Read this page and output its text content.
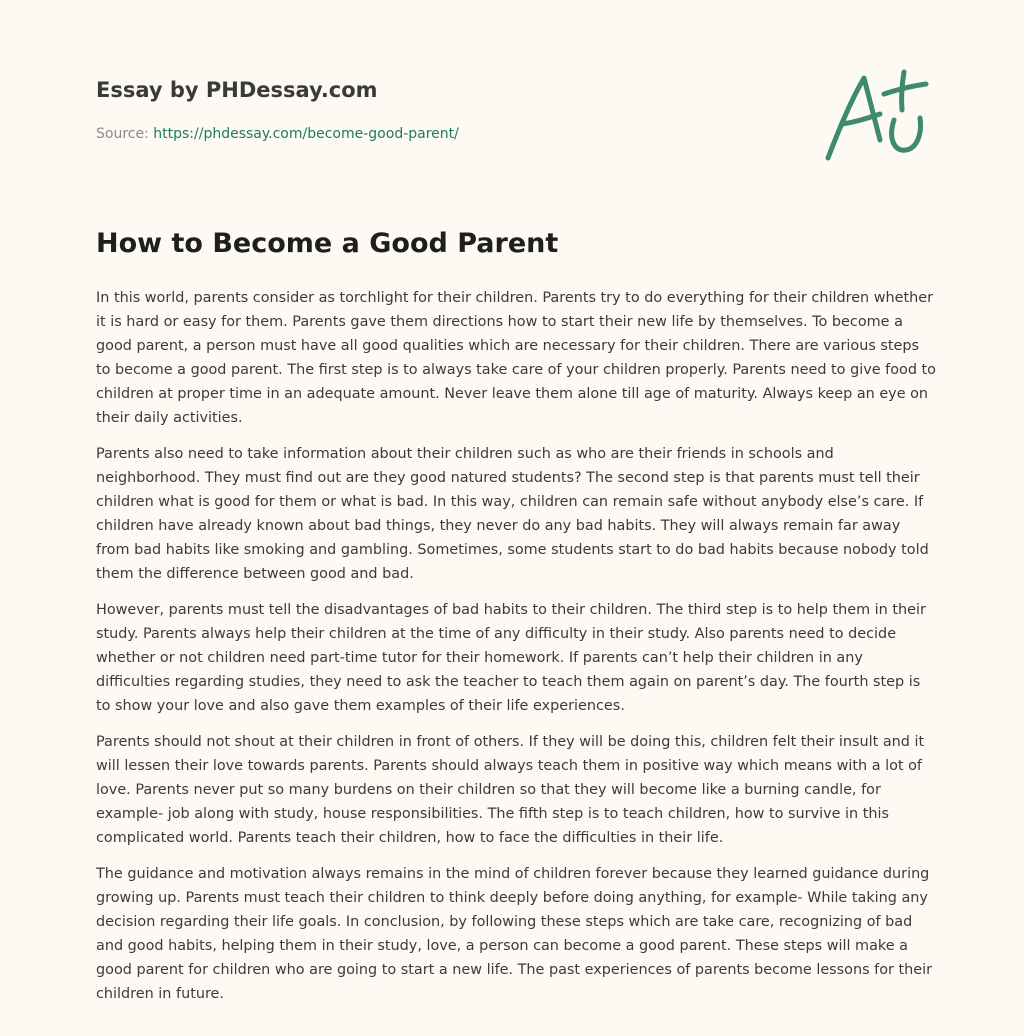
Essay by PHDessay.com
Source: https://phdessay.com/become-good-parent/
How to Become a Good Parent

In this world, parents consider as torchlight for their children. Parents try to do everything for their children whether it is hard or easy for them. Parents gave them directions how to start their new life by themselves. To become a good parent, a person must have all good qualities which are necessary for their children. There are various steps to become a good parent. The first step is to always take care of your children properly. Parents need to give food to children at proper time in an adequate amount. Never leave them alone till age of maturity. Always keep an eye on their daily activities.

Parents also need to take information about their children such as who are their friends in schools and neighborhood. They must find out are they good natured students? The second step is that parents must tell their children what is good for them or what is bad. In this way, children can remain safe without anybody else’s care. If children have already known about bad things, they never do any bad habits. They will always remain far away from bad habits like smoking and gambling. Sometimes, some students start to do bad habits because nobody told them the difference between good and bad.

However, parents must tell the disadvantages of bad habits to their children. The third step is to help them in their study. Parents always help their children at the time of any difficulty in their study. Also parents need to decide whether or not children need part-time tutor for their homework. If parents can’t help their children in any difficulties regarding studies, they need to ask the teacher to teach them again on parent’s day. The fourth step is to show your love and also gave them examples of their life experiences.

Parents should not shout at their children in front of others. If they will be doing this, children felt their insult and it will lessen their love towards parents. Parents should always teach them in positive way which means with a lot of love. Parents never put so many burdens on their children so that they will become like a burning candle, for example- job along with study, house responsibilities. The fifth step is to teach children, how to survive in this complicated world. Parents teach their children, how to face the difficulties in their life.

The guidance and motivation always remains in the mind of children forever because they learned guidance during growing up. Parents must teach their children to think deeply before doing anything, for example- While taking any decision regarding their life goals. In conclusion, by following these steps which are take care, recognizing of bad and good habits, helping them in their study, love, a person can become a good parent. These steps will make a good parent for children who are going to start a new life. The past experiences of parents become lessons for their children in future.
